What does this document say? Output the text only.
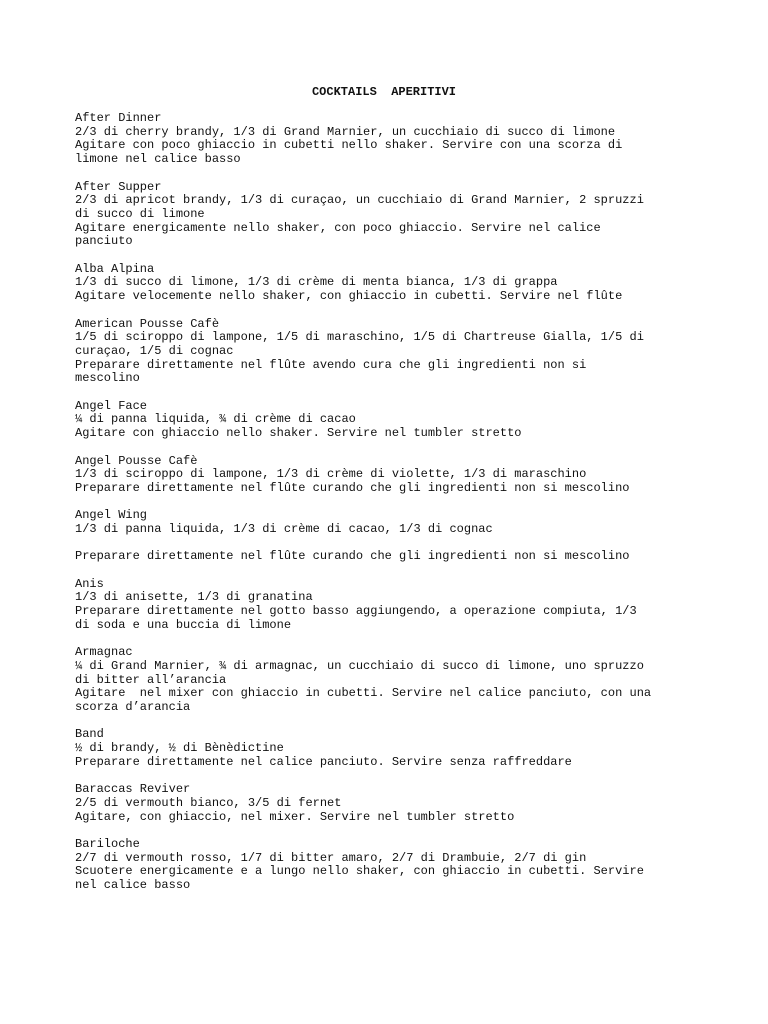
COCKTAILS  APERITIVI
After Dinner
2/3 di cherry brandy, 1/3 di Grand Marnier, un cucchiaio di succo di limone
Agitare con poco ghiaccio in cubetti nello shaker. Servire con una scorza di
limone nel calice basso
After Supper
2/3 di apricot brandy, 1/3 di curaçao, un cucchiaio di Grand Marnier, 2 spruzzi
di succo di limone
Agitare energicamente nello shaker, con poco ghiaccio. Servire nel calice
panciuto
Alba Alpina
1/3 di succo di limone, 1/3 di crème di menta bianca, 1/3 di grappa
Agitare velocemente nello shaker, con ghiaccio in cubetti. Servire nel flûte
American Pousse Cafè
1/5 di sciroppo di lampone, 1/5 di maraschino, 1/5 di Chartreuse Gialla, 1/5 di
curaçao, 1/5 di cognac
Preparare direttamente nel flûte avendo cura che gli ingredienti non si
mescolino
Angel Face
¼ di panna liquida, ¾ di crème di cacao
Agitare con ghiaccio nello shaker. Servire nel tumbler stretto
Angel Pousse Cafè
1/3 di sciroppo di lampone, 1/3 di crème di violette, 1/3 di maraschino
Preparare direttamente nel flûte curando che gli ingredienti non si mescolino
Angel Wing
1/3 di panna liquida, 1/3 di crème di cacao, 1/3 di cognac
Preparare direttamente nel flûte curando che gli ingredienti non si mescolino
Anis
1/3 di anisette, 1/3 di granatina
Preparare direttamente nel gotto basso aggiungendo, a operazione compiuta, 1/3
di soda e una buccia di limone
Armagnac
¼ di Grand Marnier, ¾ di armagnac, un cucchiaio di succo di limone, uno spruzzo
di bitter all’arancia
Agitare  nel mixer con ghiaccio in cubetti. Servire nel calice panciuto, con una
scorza d’arancia
Band
½ di brandy, ½ di Bènèdictine
Preparare direttamente nel calice panciuto. Servire senza raffreddare
Baraccas Reviver
2/5 di vermouth bianco, 3/5 di fernet
Agitare, con ghiaccio, nel mixer. Servire nel tumbler stretto
Bariloche
2/7 di vermouth rosso, 1/7 di bitter amaro, 2/7 di Drambuie, 2/7 di gin
Scuotere energicamente e a lungo nello shaker, con ghiaccio in cubetti. Servire
nel calice basso
